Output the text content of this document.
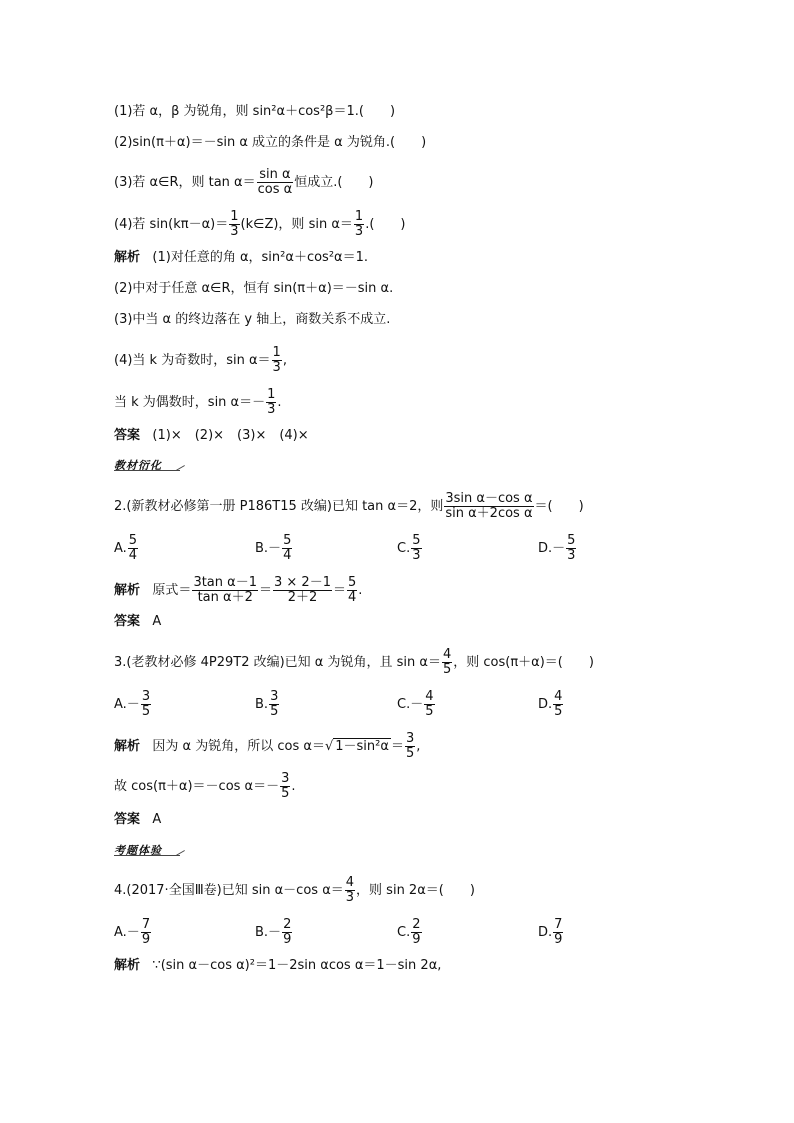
(1)若 α，β 为锐角，则 sin²α＋cos²β＝1.(　　)
(2)sin(π＋α)＝－sin α 成立的条件是 α 为锐角.(　　)
(3)若 α∈R，则 $\tan \alpha= \frac{\text{sin α}}{\text{cos α}}$ 恒成立.(　　)
(4)若 $\sin(k\pi-\alpha)= \frac{1}{3}$ (k∈Z)，则 $\sin \alpha= \frac{1}{3}$ .(　　)
解析 (1)对任意的角 α，sin²α＋cos²α＝1.
(2)中对于任意 α∈R，恒有 sin(π＋α)＝－sin α.
(3)中当 α 的终边落在 y 轴上，商数关系不成立.
(4)当 k 为奇数时，$\sin \alpha= \frac{1}{3}$ ,
当 k 为偶数时，$\sin \alpha=- \frac{1}{3}$ .
答案 (1)×　(2)×　(3)×　(4)×
教材衍化
2.(新教材必修第一册 P186T15 改编)已知 tan α＝2，则 $\frac{\text{3sin α－cos α}}{\text{sin α＋2cos α}}$ ＝(　　)
A. $\frac{5}{4}$	$B.- \frac{5}{4}$	C. $\frac{5}{3}$	$D.- \frac{5}{3}$
解析 原式＝ $\frac{\text{3tan α－1}}{\text{tan α＋2}} = \frac{3 \times 2-1}{2+2} = \frac{5}{4}$ .
答案 A
3.(老教材必修 4P29T2 改编)已知 α 为锐角，且 $\sin \alpha= \frac{4}{5}$ ，则 cos(π＋α)＝(　　)
$A.- \frac{3}{5}$	B. $\frac{3}{5}$	$C.- \frac{4}{5}$	D. $\frac{4}{5}$
解析 因为 α 为锐角，所以 cos α＝√ $1-\sin^2\alpha = \frac{3}{5}$ ,
故 cos(π＋α)＝－cos $\alpha=- \frac{3}{5}$ .
答案 A
考题体验
4.(2017·全国Ⅲ卷)已知 sin α－cos $\alpha= \frac{4}{3}$ ，则 sin 2α＝(　　)
$A.- \frac{7}{9}$	$B.- \frac{2}{9}$	C. $\frac{2}{9}$	D. $\frac{7}{9}$
解析 ∵(sin α－cos α)²＝1－2sin αcos α＝1－sin 2α,
